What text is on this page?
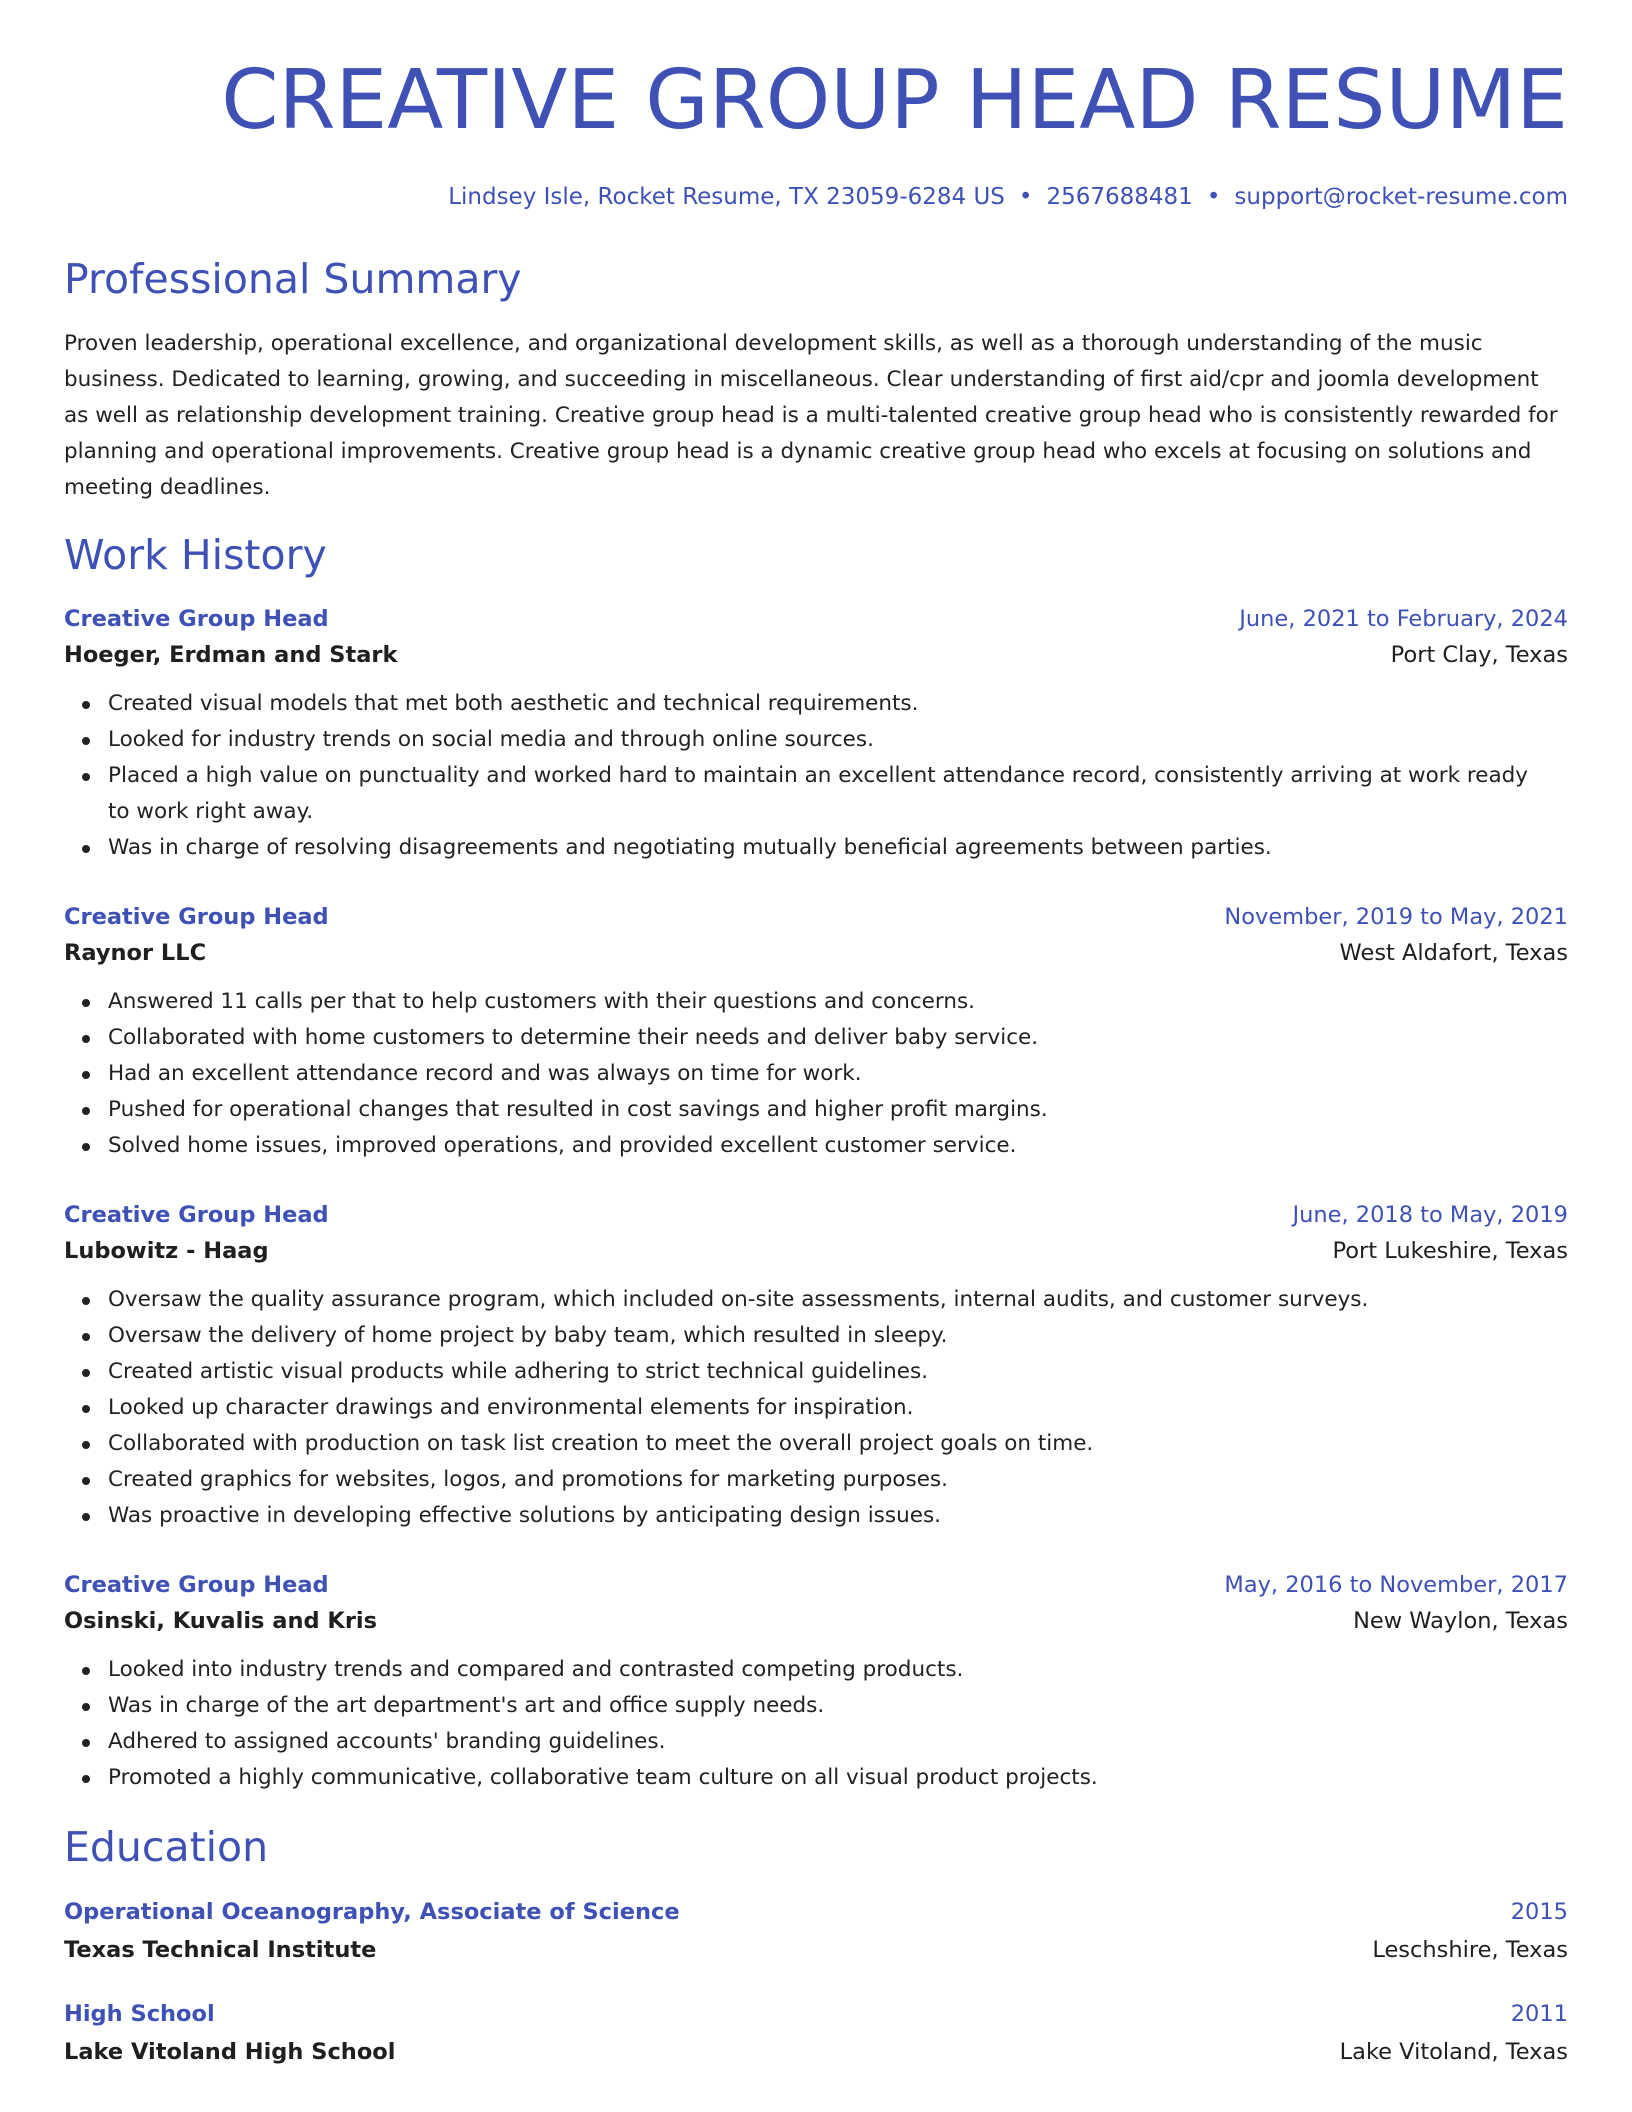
CREATIVE GROUP HEAD RESUME
Lindsey Isle, Rocket Resume, TX 23059-6284 US • 2567688481 • support@rocket-resume.com
Professional Summary

Proven leadership, operational excellence, and organizational development skills, as well as a thorough understanding of the music business. Dedicated to learning, growing, and succeeding in miscellaneous. Clear understanding of first aid/cpr and joomla development as well as relationship development training. Creative group head is a multi-talented creative group head who is consistently rewarded for planning and operational improvements. Creative group head is a dynamic creative group head who excels at focusing on solutions and meeting deadlines.

Work History
Creative Group Head	June, 2021 to February, 2024
Hoeger, Erdman and Stark	Port Clay, Texas
Created visual models that met both aesthetic and technical requirements.
Looked for industry trends on social media and through online sources.
Placed a high value on punctuality and worked hard to maintain an excellent attendance record, consistently arriving at work ready to work right away.
Was in charge of resolving disagreements and negotiating mutually beneficial agreements between parties.
Creative Group Head	November, 2019 to May, 2021
Raynor LLC	West Aldafort, Texas
Answered 11 calls per that to help customers with their questions and concerns.
Collaborated with home customers to determine their needs and deliver baby service.
Had an excellent attendance record and was always on time for work.
Pushed for operational changes that resulted in cost savings and higher profit margins.
Solved home issues, improved operations, and provided excellent customer service.
Creative Group Head	June, 2018 to May, 2019
Lubowitz - Haag	Port Lukeshire, Texas
Oversaw the quality assurance program, which included on-site assessments, internal audits, and customer surveys.
Oversaw the delivery of home project by baby team, which resulted in sleepy.
Created artistic visual products while adhering to strict technical guidelines.
Looked up character drawings and environmental elements for inspiration.
Collaborated with production on task list creation to meet the overall project goals on time.
Created graphics for websites, logos, and promotions for marketing purposes.
Was proactive in developing effective solutions by anticipating design issues.
Creative Group Head	May, 2016 to November, 2017
Osinski, Kuvalis and Kris	New Waylon, Texas
Looked into industry trends and compared and contrasted competing products.
Was in charge of the art department's art and office supply needs.
Adhered to assigned accounts' branding guidelines.
Promoted a highly communicative, collaborative team culture on all visual product projects.
Education
Operational Oceanography, Associate of Science	2015
Texas Technical Institute	Leschshire, Texas
High School	2011
Lake Vitoland High School	Lake Vitoland, Texas
